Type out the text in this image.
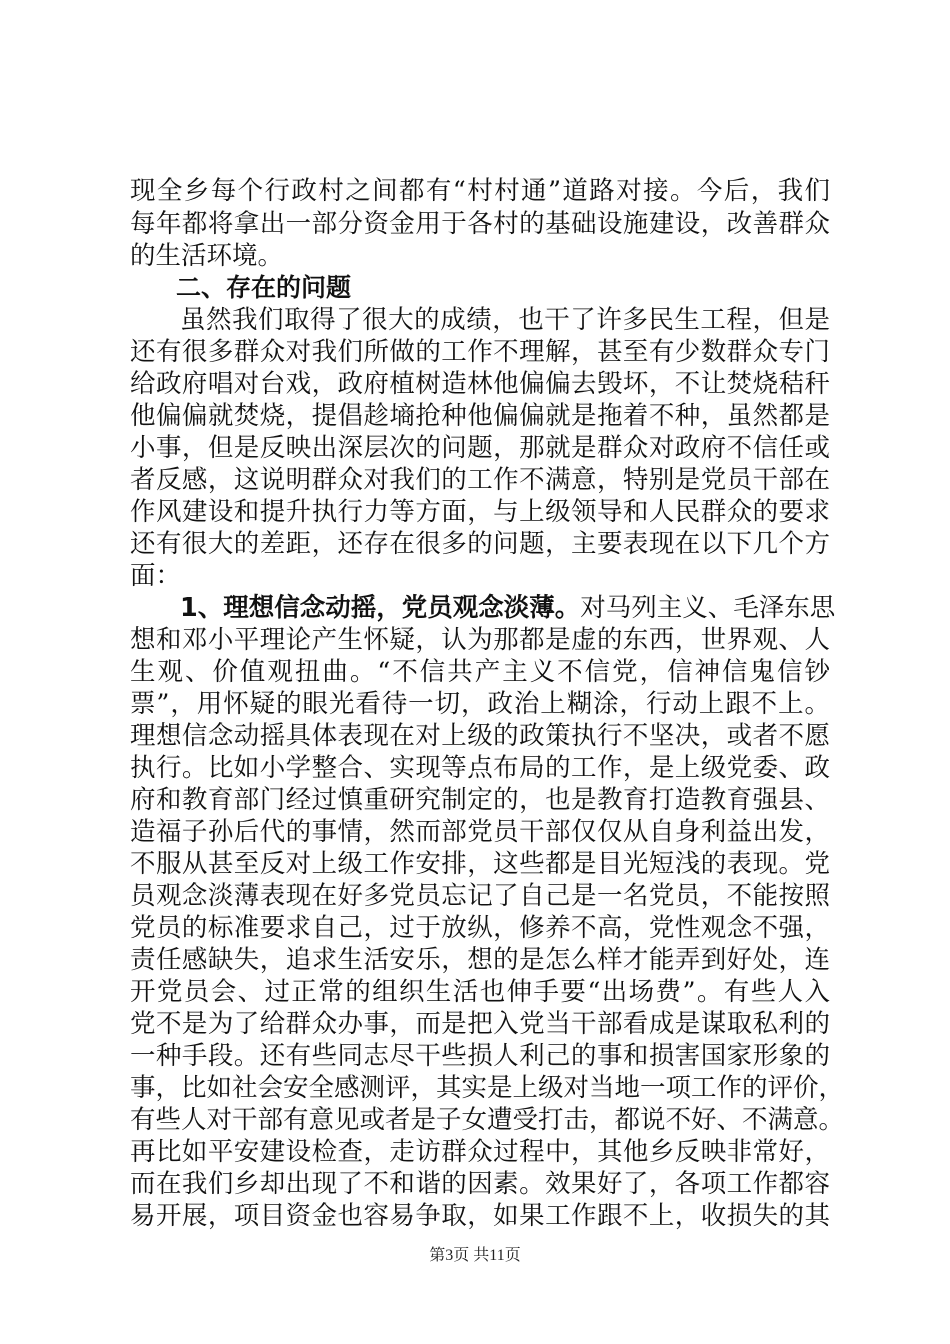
现全乡每个行政村之间都有“村村通”道路对接。今后，我们
每年都将拿出一部分资金用于各村的基础设施建设，改善群众
的生活环境。
二、存在的问题
虽然我们取得了很大的成绩，也干了许多民生工程，但是
还有很多群众对我们所做的工作不理解，甚至有少数群众专门
给政府唱对台戏，政府植树造林他偏偏去毁坏，不让焚烧秸秆
他偏偏就焚烧，提倡趁墒抢种他偏偏就是拖着不种，虽然都是
小事，但是反映出深层次的问题，那就是群众对政府不信任或
者反感，这说明群众对我们的工作不满意，特别是党员干部在
作风建设和提升执行力等方面，与上级领导和人民群众的要求
还有很大的差距，还存在很多的问题，主要表现在以下几个方
面：
1、理想信念动摇，党员观念淡薄。对马列主义、毛泽东思
想和邓小平理论产生怀疑，认为那都是虚的东西，世界观、人
生观、价值观扭曲。“不信共产主义不信党，信神信鬼信钞
票”，用怀疑的眼光看待一切，政治上糊涂，行动上跟不上。
理想信念动摇具体表现在对上级的政策执行不坚决，或者不愿
执行。比如小学整合、实现等点布局的工作，是上级党委、政
府和教育部门经过慎重研究制定的，也是教育打造教育强县、
造福子孙后代的事情，然而部党员干部仅仅从自身利益出发，
不服从甚至反对上级工作安排，这些都是目光短浅的表现。党
员观念淡薄表现在好多党员忘记了自己是一名党员，不能按照
党员的标准要求自己，过于放纵，修养不高，党性观念不强，
责任感缺失，追求生活安乐，想的是怎么样才能弄到好处，连
开党员会、过正常的组织生活也伸手要“出场费”。有些人入
党不是为了给群众办事，而是把入党当干部看成是谋取私利的
一种手段。还有些同志尽干些损人利己的事和损害国家形象的
事，比如社会安全感测评，其实是上级对当地一项工作的评价，
有些人对干部有意见或者是子女遭受打击，都说不好、不满意。
再比如平安建设检查，走访群众过程中，其他乡反映非常好，
而在我们乡却出现了不和谐的因素。效果好了，各项工作都容
易开展，项目资金也容易争取，如果工作跟不上，收损失的其
第3页 共11页
